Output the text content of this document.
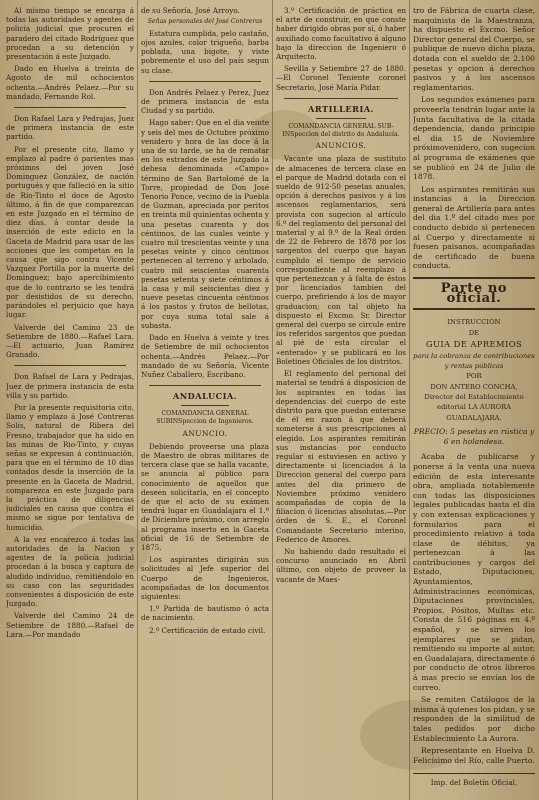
Al mismo tiempo se encarga á todas las autoridades y agentes de policía judicial que procuren el paradero del citado Rodríguez que procedan a su detención y presentación á este Juzgado.

Dado en Huelva á treinta de Agosto de mil ochocientos ochenta.—Andrés Pelaez.—Por su mandado, Fernando Rol.

Don Rafael Lara y Pedrajas, Juez de primera instancia de este partido.

Por el presente cito, llamo y emplazo al padre ó parientes mas próximos del joven José Dominguez González, de nación portugués y que falleció en la sitio de Rio-Tinto el doce de Agosto último, á fin de que comparezcan en este Juzgado en el término de diez días, á contar desde la inserción de este edicto en la Gaceta de Madrid para usar de las acciones que les competan en la causa que sigo contra Vicente Vazquez Portilla por la muerte del Dominguez; bajo apercibimiento que de lo contrario se les tendrá por desistidos de su derecho, parándoles el perjuicio que haya lugar.

Valverde del Camino 23 de Setiembre de 1880.—Rafael Lara.—El actuario, Juan Ramírez Granado.

Don Rafael de Lara y Pedrajas, Juez de primera instancia de esta villa y su partido.

Por la presente requisitoria cito, llamo y emplazo á José Contreras Solís, natural de Ribera del Fresno, trabajador que ha sido en las minas de Rio-Tinto, y cuyas señas se expresan á continuación, para que en el término de 10 dias contados desde la inserción de la presente en la Gaceta de Madrid, comparezca en este Juzgado para la práctica de diligencias judiciales en causa que contra él mismo se sigue por tentativa de homicidio.

A la vez encarezco á todas las autoridades de la Nacion y agentes de la policía judicial procedan á la busca y captura de aludido individuo, remitiéndolo en su caso con las seguridades convenientes á disposición de este Juzgado.

Valverde del Camino 24 de Setiembre de 1880.—Rafael de Lara.—Por mandado

de su Señoría, José Arroyo.

Señas personales del José Contreras

Estatura cumplida, pelo castaño, ojos azules, color trigueño, barba poblada, una bigote, y viste pobremente el uso del país segun su clase.

Don Andrés Pelaez y Perez, Juez de primera instancia de esta Ciudad y su partido.

Hago saber: Que en el dia veinte y seis del mes de Octubre próximo venidero y hora de las doce á la una de su tarde, se ha de rematar en los estrados de este Juzgado la dehesa denominada «Campo» término de San Bartolomé de la Torre, propiedad de Don José Tenorio Ponce, vecino de la Puebla de Guzman, apreciada por peritos en treinta mil quinientas ochenta y una pesetas cuarenta y dos céntimos, de las cuales veinte y cuatro mil trescientas veinte y una pesetas veinte y cinco céntimos pertenecen al terreno y arbolado, cuatro mil seiscientas cuarenta pesetas setenta y siete céntimos á la casa y mil seiscientas diez y nueve pesetas cincuenta céntimos á los pastos y frutos de bellotas, por cuya suma total sale á subasta.

Dado en Huelva á veinte y tres de Setiembre de mil ochocientos ochenta.—Andrés Pelaez.—Por mandado de su Señoría, Vicente Nuñez Caballero, Escribano.

ANDALUCIA.

COMANDANCIA GENERAL SUBINSpeccion de Ingenieros.

ANUNCIO.

Debiendo proveerse una plaza de Maestro de obras militares de tercera clase que se halla vacante, se anuncia al público para conocimiento de aquellos que deseen solicitarla, en el concepto de que el acto de su exámen tendrá lugar en Guadalajara el 1.º de Diciembre próximo, con arreglo al programa inserto en la Gaceta oficial de 16 de Setiembre de 1875.

Los aspirantes dirigirán sus solicitudes al Jefe superior del Cuerpo de Ingenieros, acompañadas de los documentos siguientes:

1.º Partida de bautismo ó acta de nacimiento.

2.º Certificación de estado civil.

3.º Certificación de práctica en el arte de construir, en que conste haber dirigido obras por sí, ó haber auxiliado como facultativo á alguno bajo la direccion de Ingeniero ó Arquitecto.

Sevilla y Setiembre 27 de 1880. —El Coronel Teniente coronel Secretario, José María Pidar.

ARTILLERIA.

COMANDANCIA GENERAL SUB-INSpeccion del distrito de Andalucía.

ANUNCIOS.

Vacante una plaza de sustituto de almacenes de tercera clase en el parque de Madrid dotada con el sueldo de 912·50 pesetas anuales, opción á derechos pasivos y á los ascensos reglamentarios, será provista con sugecion al artículo 6.º del reglamento del personal del material y al 9.º de la Real órden de 22 de Febrero de 1878 por los sargentos del cuerpo que hayan cumplido el tiempo de servicio correspondiente al reemplazo á que pertenezcan y á falta de éstos por licenciados tambien del cuerpo, prefiriendo á los de mayor graduacion; con tal objeto ha dispuesto el Excmo. Sr. Director general del cuerpo se circule entre los referidos sargentos que puedan al pié de esta circular el «enterado» y se publicará en los Boletines Oficiales de los distritos.

El reglamento del personal del material se tendrá á disposicion de los aspirantes en todas las dependencias del cuerpo de este distrito para que puedan enterarse de él en razon á que deberá someterse á sus prescripciones al elegido. Los aspirantes remitirán sus instancias por conducto regular si estuviesen en activo y directamente si licenciados á la Direccion general del cuerpo para antes del dia primero de Noviembre próximo venidero acompañadas de copia de la filiacion ó licencias absolutas.—Por órden de S. E., el Coronel Comandante Secretario interino, Federico de Amores.

No habiendo dado resultado el concurso anunciado en Abril último, con objeto de proveer la vacante de Maes-

tro de Fábrica de cuarta clase, maquinista de la Maestranza, ha dispuesto el Excmo. Señor Director general del Cuerpo, se publique de nuevo dicha plaza, dotada con el sueldo de 2.100 pesetas y opcion á derechos pasivos y á los ascensos reglamentarios.

Los segundos exámenes para proveerla tendrán lugar ante la Junta facultativa de la citada dependencia, dando principio el dia 15 de Noviembre próximovenidero, con sugecion al programa de exámenes que se publicó en 24 de Julio de 1878.

Los aspirantes remitirán sus instancias á la Direccion general de Artillería para antes del dia 1.º del citado mes por conducto debido si pertenecen al Cuerpo y directamente si fuesen paisanos, acompañadas de certificado de buena conducta.

Parte no oficial.

INSTRUCCION

DE

GUIA DE APREMIOS

para la cobranza de contribuciones y rentas públicas

POR

DON ANTERO CONCHA,

Director del Establecimiento editorial LA AURORA

GUADALAJARA.

PRECIO: 5 pesetas en rústica y 6 en holandesa.

Acaba de publicarse y ponerse á la venta una nueva edición de esta interesante obra, ampliada notablemente con todas las disposiciones legales publicadas hasta el dia y con extensas explicaciones y formularios para el procedimiento relativo á toda clase de débitos, ya pertenezcan á las contribuciones y cargos del Estado, Diputaciones, Ayuntamientos, Administraciones económicas, Diputaciones provinciales, Propios, Pósitos, Multas etc. Consta de 516 páginas en 4.º español, y se sirven los ejemplares que se pidan, remitiendo su importe al autor, en Guadalajara, directamente ó por conducto de otros libreros á mas precio se envían los de correo.

Se remiten Catálogos de la misma á quienes los pidan, y se responden de la similitud de tales pedidos por dicho Establecimiento La Aurora.

Representante en Huelva D. Felicísimo del Río, calle Puerto.

Imp. del Boletín Oficial.
